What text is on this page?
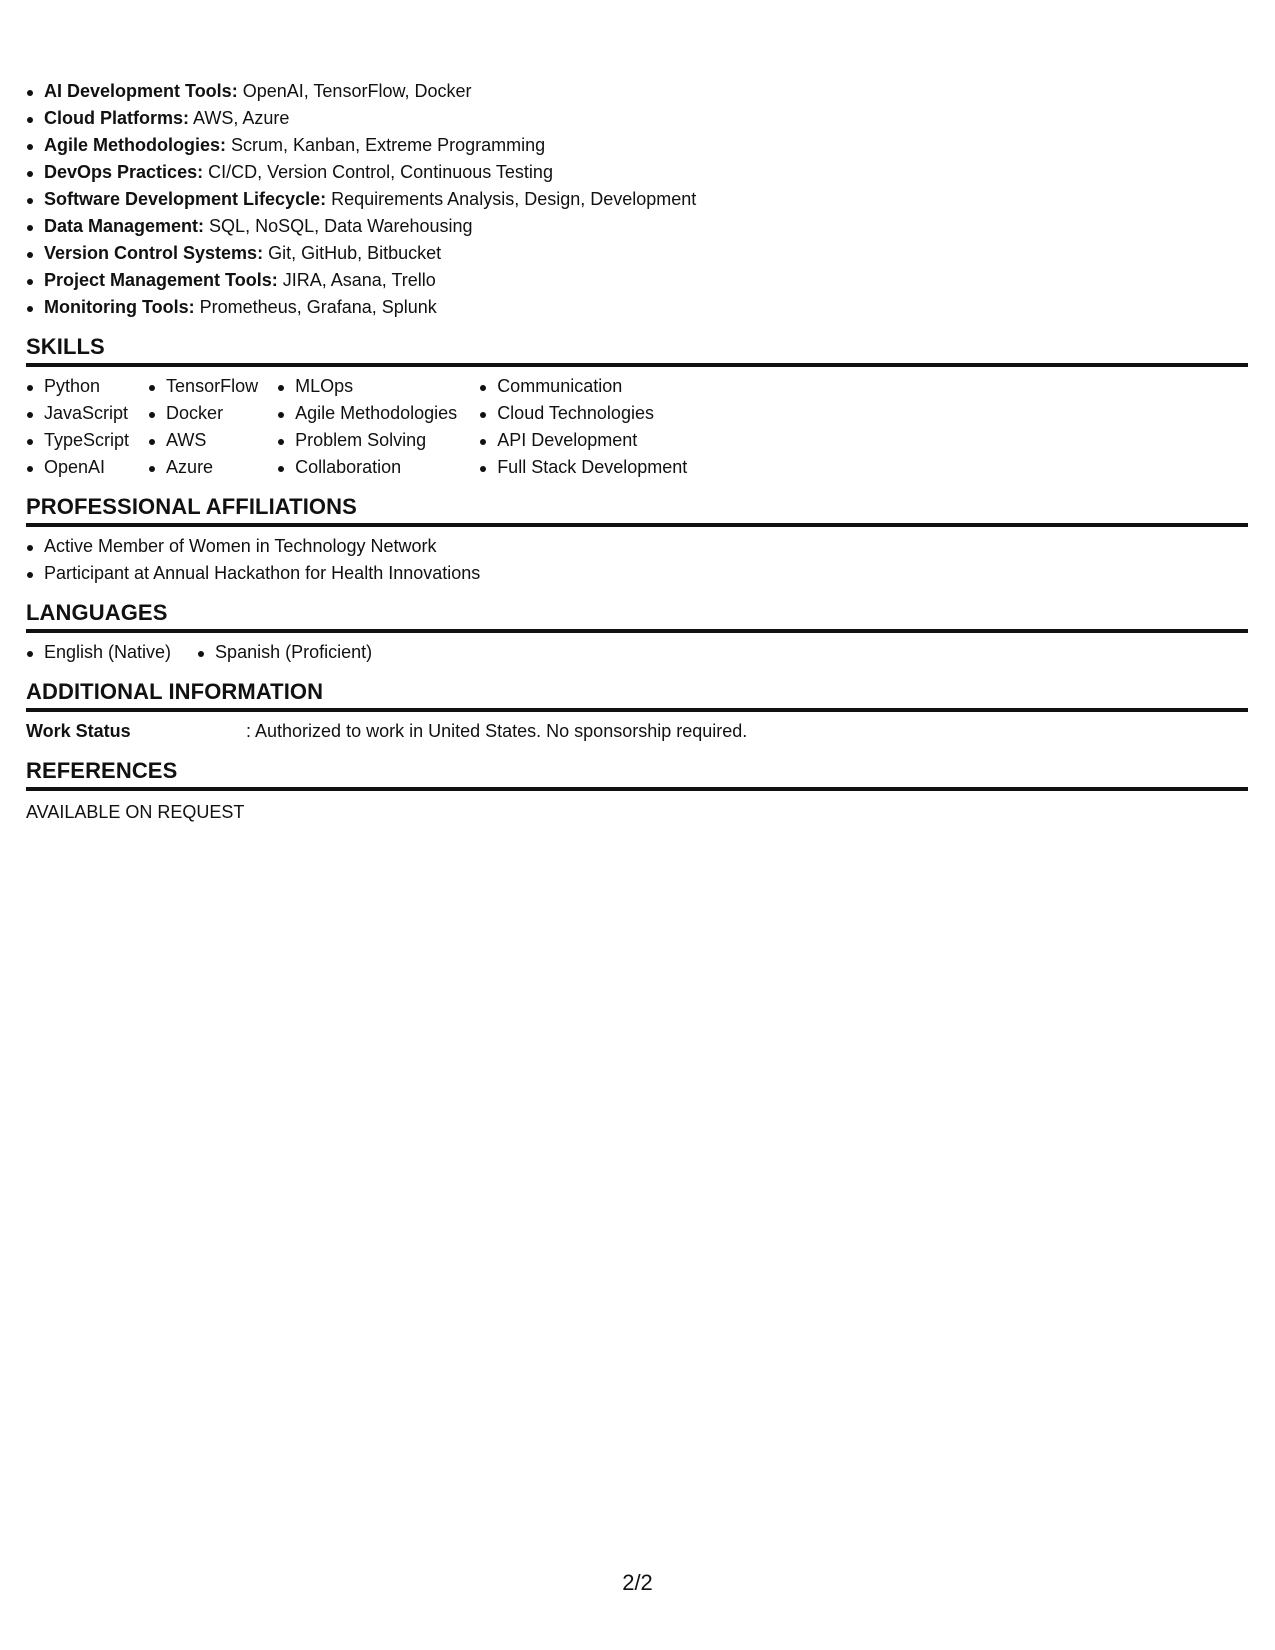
AI Development Tools: OpenAI, TensorFlow, Docker
Cloud Platforms: AWS, Azure
Agile Methodologies: Scrum, Kanban, Extreme Programming
DevOps Practices: CI/CD, Version Control, Continuous Testing
Software Development Lifecycle: Requirements Analysis, Design, Development
Data Management: SQL, NoSQL, Data Warehousing
Version Control Systems: Git, GitHub, Bitbucket
Project Management Tools: JIRA, Asana, Trello
Monitoring Tools: Prometheus, Grafana, Splunk
SKILLS
Python
JavaScript
TypeScript
OpenAI
TensorFlow
Docker
AWS
Azure
MLOps
Agile Methodologies
Problem Solving
Collaboration
Communication
Cloud Technologies
API Development
Full Stack Development
PROFESSIONAL AFFILIATIONS
Active Member of Women in Technology Network
Participant at Annual Hackathon for Health Innovations
LANGUAGES
English (Native)	Spanish (Proficient)
ADDITIONAL INFORMATION
Work Status	: Authorized to work in United States. No sponsorship required.
REFERENCES
AVAILABLE ON REQUEST
2/2
